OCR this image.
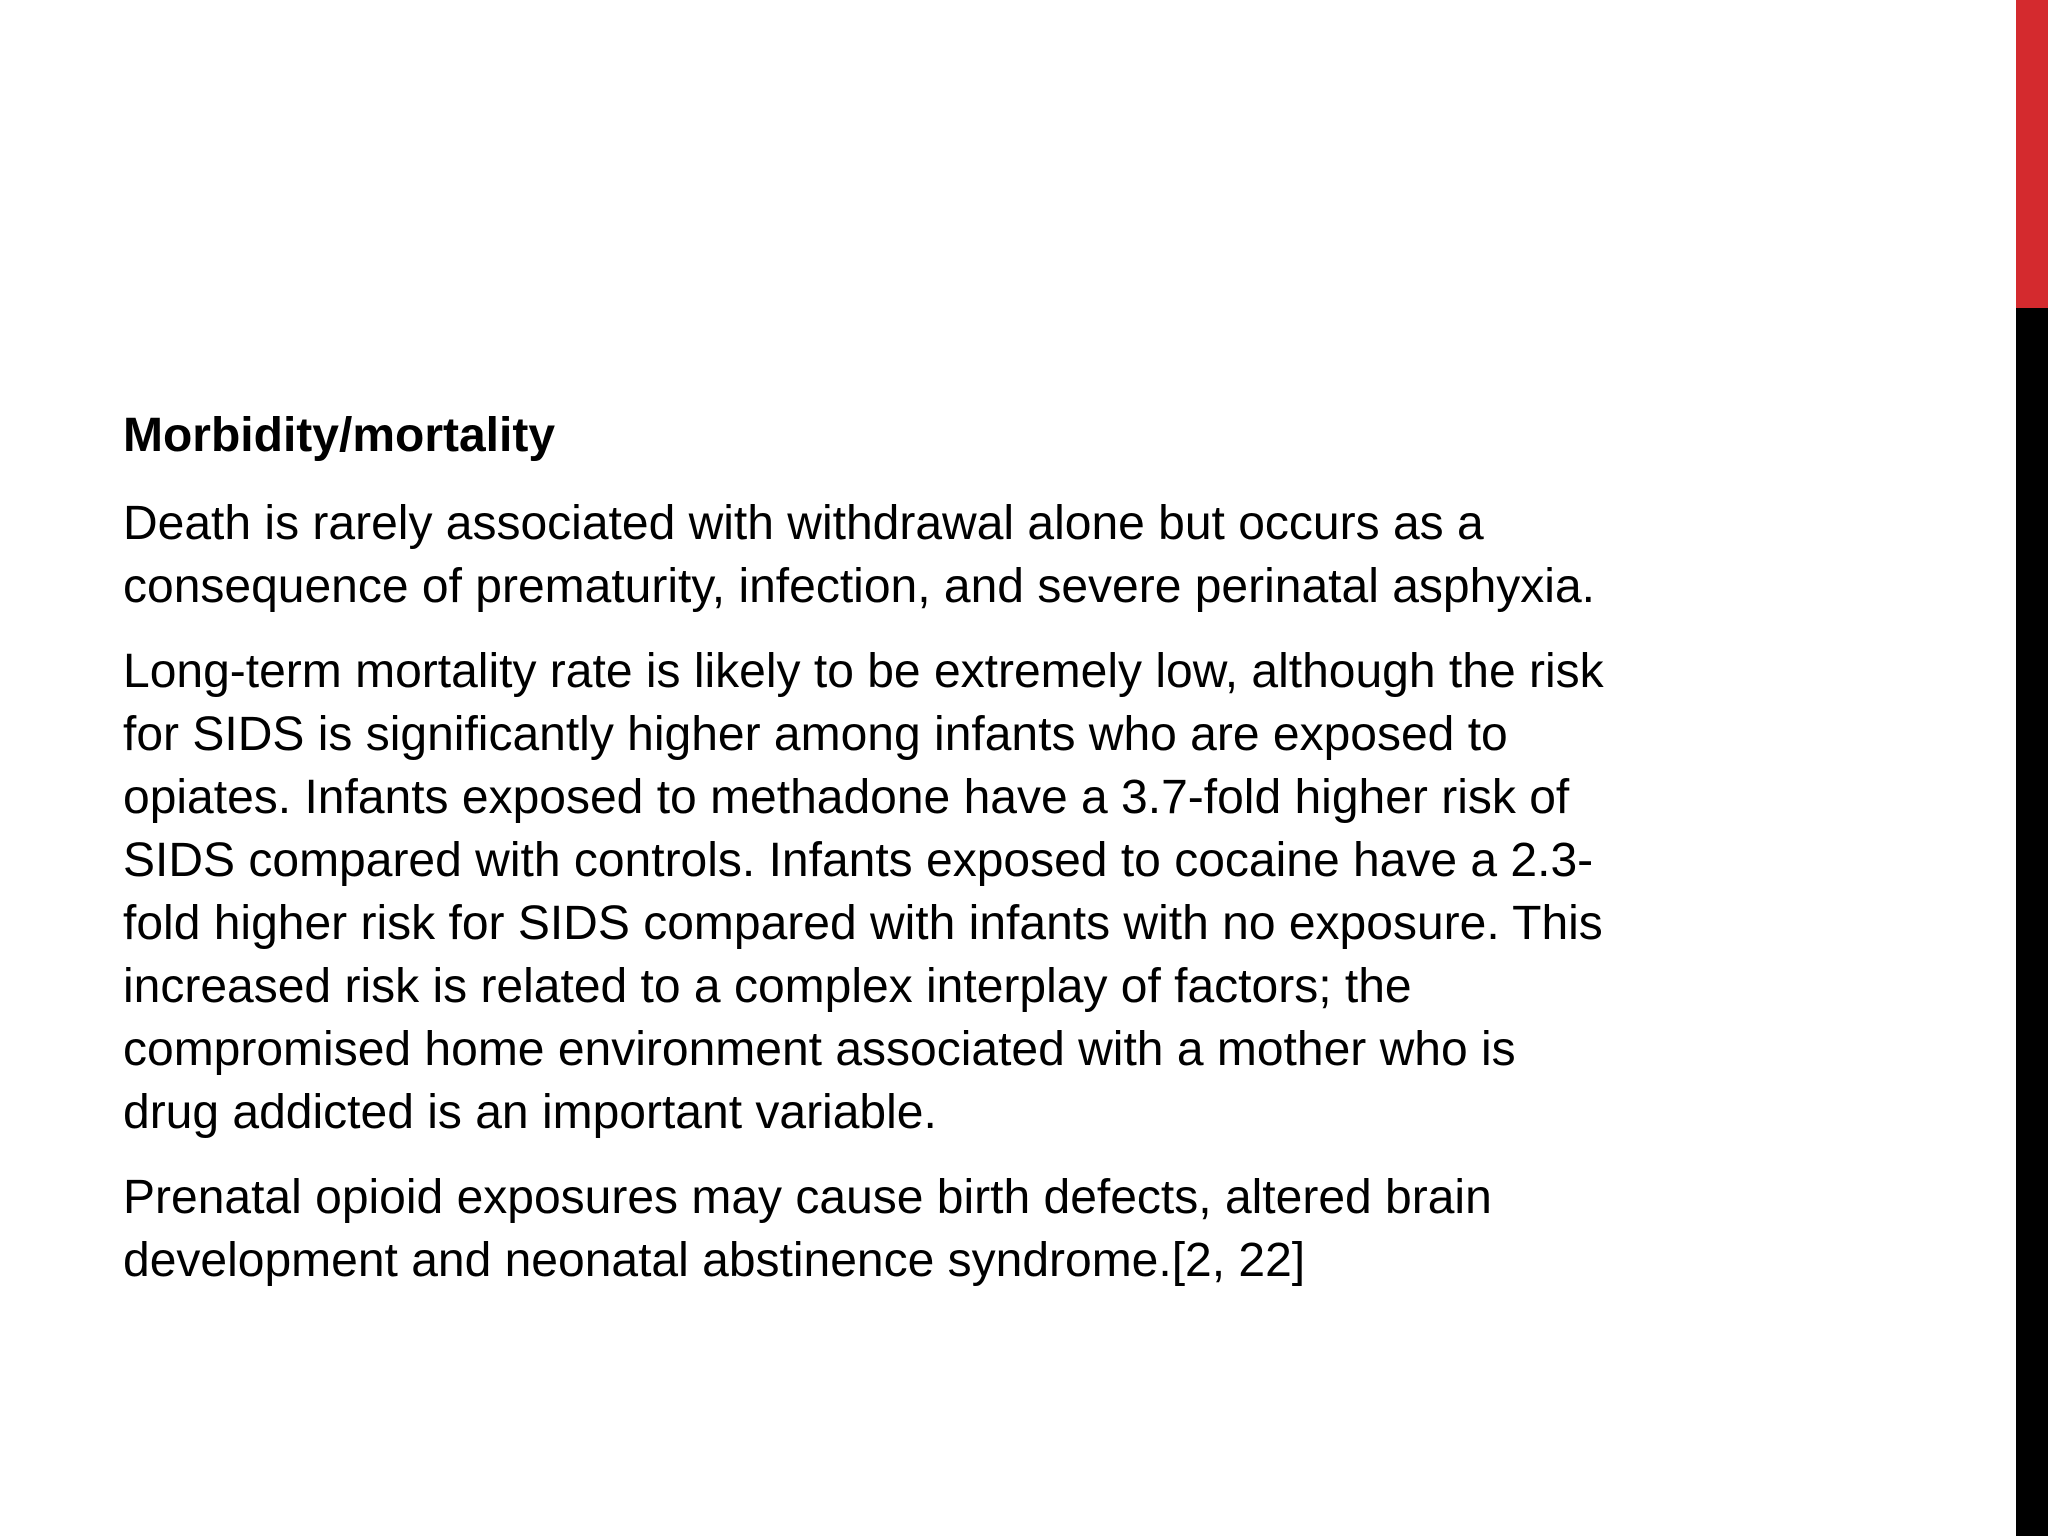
Morbidity/mortality

Death is rarely associated with withdrawal alone but occurs as a
consequence of prematurity, infection, and severe perinatal asphyxia.

Long-term mortality rate is likely to be extremely low, although the risk
for SIDS is significantly higher among infants who are exposed to
opiates. Infants exposed to methadone have a 3.7-fold higher risk of
SIDS compared with controls. Infants exposed to cocaine have a 2.3-
fold higher risk for SIDS compared with infants with no exposure. This
increased risk is related to a complex interplay of factors; the
compromised home environment associated with a mother who is
drug addicted is an important variable.

Prenatal opioid exposures may cause birth defects, altered brain
development and neonatal abstinence syndrome.[2, 22]
